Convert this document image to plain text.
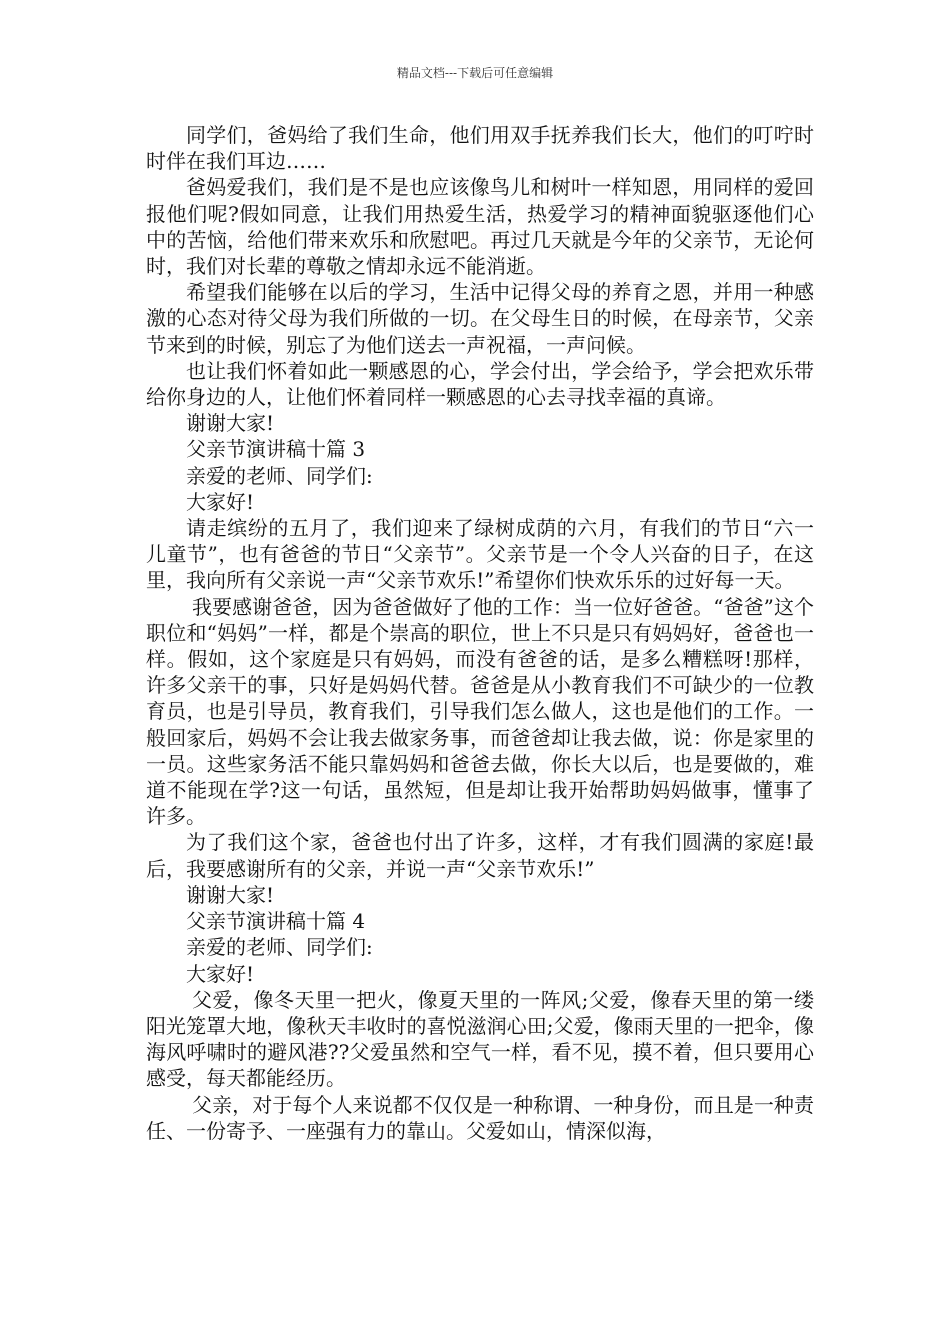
精品文档---下载后可任意编辑

同学们，爸妈给了我们生命，他们用双手抚养我们长大，他们的叮咛时时伴在我们耳边……

爸妈爱我们，我们是不是也应该像鸟儿和树叶一样知恩，用同样的爱回报他们呢?假如同意，让我们用热爱生活，热爱学习的精神面貌驱逐他们心中的苦恼，给他们带来欢乐和欣慰吧。再过几天就是今年的父亲节，无论何时，我们对长辈的尊敬之情却永远不能消逝。

希望我们能够在以后的学习，生活中记得父母的养育之恩，并用一种感激的心态对待父母为我们所做的一切。在父母生日的时候，在母亲节，父亲节来到的时候，别忘了为他们送去一声祝福，一声问候。

也让我们怀着如此一颗感恩的心，学会付出，学会给予，学会把欢乐带给你身边的人，让他们怀着同样一颗感恩的心去寻找幸福的真谛。

谢谢大家!

父亲节演讲稿十篇 3

亲爱的老师、同学们:

大家好!

请走缤纷的五月了，我们迎来了绿树成荫的六月，有我们的节日“六一儿童节”，也有爸爸的节日“父亲节”。父亲节是一个令人兴奋的日子，在这里，我向所有父亲说一声“父亲节欢乐!”希望你们快欢乐乐的过好每一天。

我要感谢爸爸，因为爸爸做好了他的工作：当一位好爸爸。“爸爸”这个职位和“妈妈”一样，都是个崇高的职位，世上不只是只有妈妈好，爸爸也一样。假如，这个家庭是只有妈妈，而没有爸爸的话，是多么糟糕呀!那样，许多父亲干的事，只好是妈妈代替。爸爸是从小教育我们不可缺少的一位教育员，也是引导员，教育我们，引导我们怎么做人，这也是他们的工作。一般回家后，妈妈不会让我去做家务事，而爸爸却让我去做，说：你是家里的一员。这些家务活不能只靠妈妈和爸爸去做，你长大以后，也是要做的，难道不能现在学?这一句话，虽然短，但是却让我开始帮助妈妈做事，懂事了许多。

为了我们这个家，爸爸也付出了许多，这样，才有我们圆满的家庭!最后，我要感谢所有的父亲，并说一声“父亲节欢乐!”

谢谢大家!

父亲节演讲稿十篇 4

亲爱的老师、同学们:

大家好!

父爱，像冬天里一把火，像夏天里的一阵风;父爱，像春天里的第一缕阳光笼罩大地，像秋天丰收时的喜悦滋润心田;父爱，像雨天里的一把伞，像海风呼啸时的避风港??父爱虽然和空气一样，看不见，摸不着，但只要用心感受，每天都能经历。

父亲，对于每个人来说都不仅仅是一种称谓、一种身份，而且是一种责任、一份寄予、一座强有力的靠山。父爱如山，情深似海，
